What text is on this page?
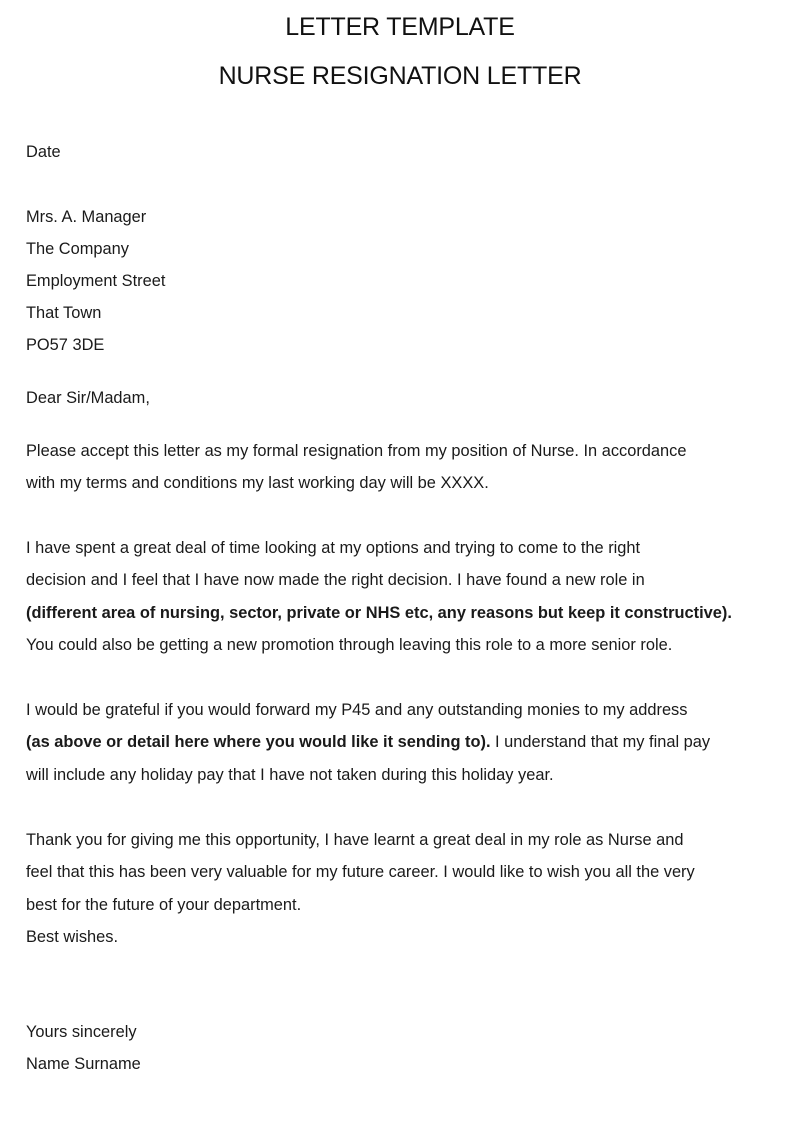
LETTER TEMPLATE
NURSE RESIGNATION LETTER
Date
Mrs. A. Manager
The Company
Employment Street
That Town
PO57 3DE
Dear Sir/Madam,
Please accept this letter as my formal resignation from my position of Nurse. In accordance
with my terms and conditions my last working day will be XXXX.
I have spent a great deal of time looking at my options and trying to come to the right
decision and I feel that I have now made the right decision. I have found a new role in
(different area of nursing, sector, private or NHS etc, any reasons but keep it constructive).
You could also be getting a new promotion through leaving this role to a more senior role.
I would be grateful if you would forward my P45 and any outstanding monies to my address
(as above or detail here where you would like it sending to). I understand that my final pay
will include any holiday pay that I have not taken during this holiday year.
Thank you for giving me this opportunity, I have learnt a great deal in my role as Nurse and
feel that this has been very valuable for my future career. I would like to wish you all the very
best for the future of your department.
Best wishes.
Yours sincerely
Name Surname
